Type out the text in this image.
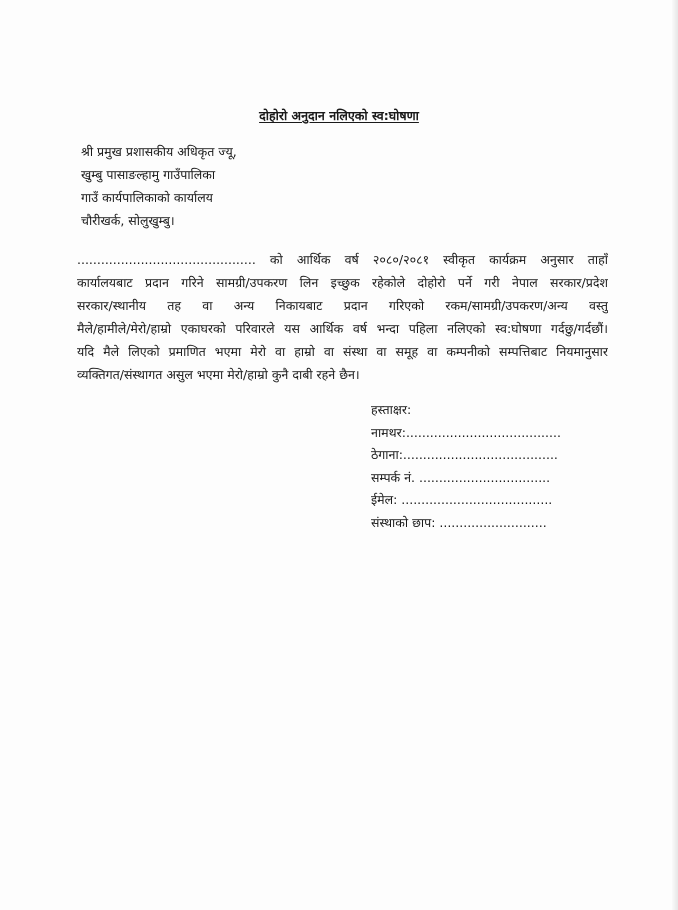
दोहोरो अनुदान नलिएको स्व:घोषणा
श्री प्रमुख प्रशासकीय अधिकृत ज्यू,
खुम्बु पासाङल्हामु गाउँपालिका
गाउँ कार्यपालिकाको कार्यालय
चौरीखर्क, सोलुखुम्बु।
............................................. को आर्थिक वर्ष २०८०/२०८१ स्वीकृत कार्यक्रम अनुसार ताहाँ
कार्यालयबाट प्रदान गरिने सामग्री/उपकरण लिन इच्छुक रहेकोले दोहोरो पर्ने गरी नेपाल सरकार/प्रदेश
सरकार/स्थानीय तह वा अन्य निकायबाट प्रदान गरिएको रकम/सामग्री/उपकरण/अन्य वस्तु
मैले/हामीले/मेरो/हाम्रो एकाघरको परिवारले यस आर्थिक वर्ष भन्दा पहिला नलिएको स्व:घोषणा गर्दछु/गर्दछौं।
यदि मैले लिएको प्रमाणित भएमा मेरो वा हाम्रो वा संस्था वा समूह वा कम्पनीको सम्पत्तिबाट नियमानुसार
व्यक्तिगत/संस्थागत असुल भएमा मेरो/हाम्रो कुनै दाबी रहने छैन।
हस्ताक्षर:
नामथर:.......................................
ठेगाना:.......................................
सम्पर्क नं. .................................
ईमेल: ......................................
संस्थाको छाप: ...........................
